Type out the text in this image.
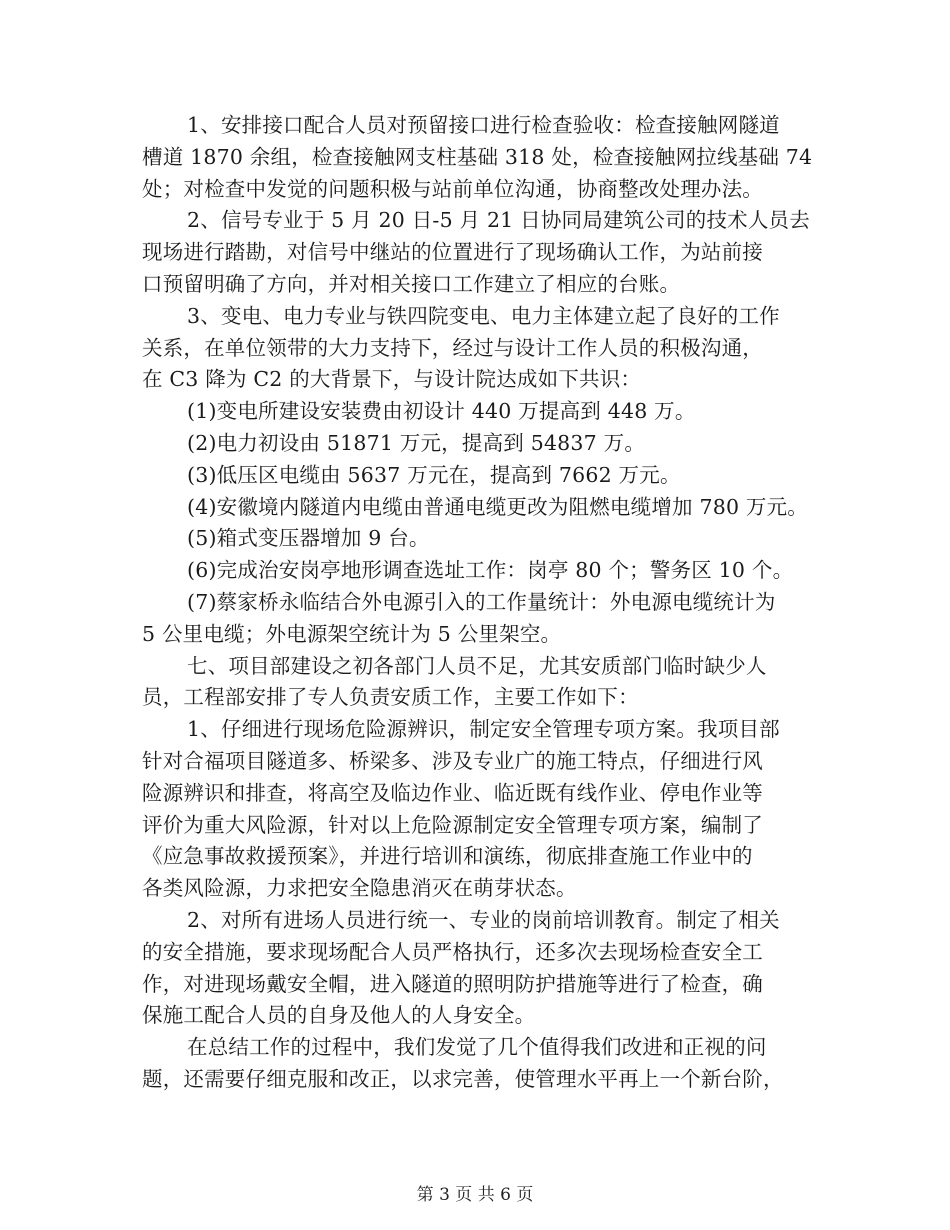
1、安排接口配合人员对预留接口进行检查验收：检查接触网隧道
槽道 1870 余组，检查接触网支柱基础 318 处，检查接触网拉线基础 74
处；对检查中发觉的问题积极与站前单位沟通，协商整改处理办法。
2、信号专业于 5 月 20 日-5 月 21 日协同局建筑公司的技术人员去
现场进行踏勘，对信号中继站的位置进行了现场确认工作，为站前接
口预留明确了方向，并对相关接口工作建立了相应的台账。
3、变电、电力专业与铁四院变电、电力主体建立起了良好的工作
关系，在单位领带的大力支持下，经过与设计工作人员的积极沟通，
在 C3 降为 C2 的大背景下，与设计院达成如下共识：
(1)变电所建设安装费由初设计 440 万提高到 448 万。
(2)电力初设由 51871 万元，提高到 54837 万。
(3)低压区电缆由 5637 万元在，提高到 7662 万元。
(4)安徽境内隧道内电缆由普通电缆更改为阻燃电缆增加 780 万元。
(5)箱式变压器增加 9 台。
(6)完成治安岗亭地形调查选址工作：岗亭 80 个；警务区 10 个。
(7)蔡家桥永临结合外电源引入的工作量统计：外电源电缆统计为
5 公里电缆；外电源架空统计为 5 公里架空。
七、项目部建设之初各部门人员不足，尤其安质部门临时缺少人
员，工程部安排了专人负责安质工作，主要工作如下：
1、仔细进行现场危险源辨识，制定安全管理专项方案。我项目部
针对合福项目隧道多、桥梁多、涉及专业广的施工特点，仔细进行风
险源辨识和排查，将高空及临边作业、临近既有线作业、停电作业等
评价为重大风险源，针对以上危险源制定安全管理专项方案，编制了
《应急事故救援预案》，并进行培训和演练，彻底排查施工作业中的
各类风险源，力求把安全隐患消灭在萌芽状态。
2、对所有进场人员进行统一、专业的岗前培训教育。制定了相关
的安全措施，要求现场配合人员严格执行，还多次去现场检查安全工
作，对进现场戴安全帽，进入隧道的照明防护措施等进行了检查，确
保施工配合人员的自身及他人的人身安全。
在总结工作的过程中，我们发觉了几个值得我们改进和正视的问
题，还需要仔细克服和改正，以求完善，使管理水平再上一个新台阶，
第 3 页 共 6 页
